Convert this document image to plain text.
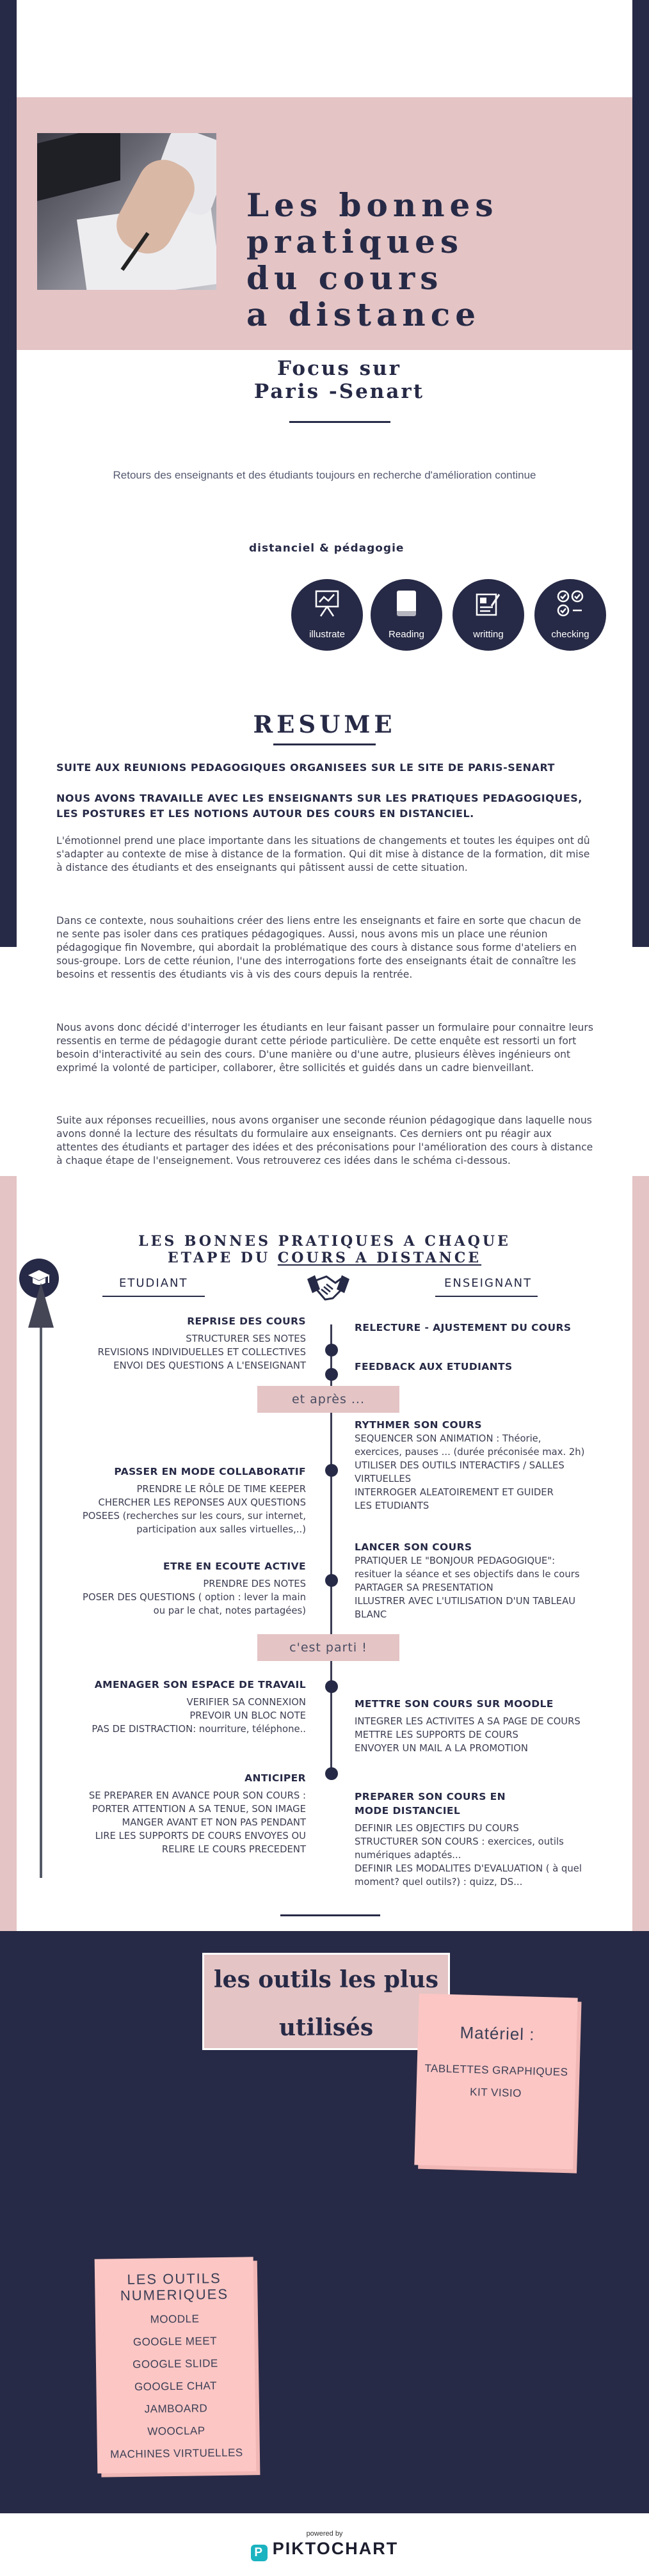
Les bonnes
pratiques
du cours
a distance
Focus sur
Paris -Senart

Retours des enseignants et des étudiants toujours en recherche d'amélioration continue

distanciel & pédagogie
illustrate	Reading	writting	checking
RESUME

SUITE AUX REUNIONS PEDAGOGIQUES ORGANISEES SUR LE SITE DE PARIS-SENART

NOUS AVONS TRAVAILLE AVEC LES ENSEIGNANTS SUR LES PRATIQUES PEDAGOGIQUES, LES POSTURES ET LES NOTIONS AUTOUR DES COURS EN DISTANCIEL.

L'émotionnel prend une place importante dans les situations de changements et toutes les équipes ont dû s'adapter au contexte de mise à distance de la formation. Qui dit mise à distance de la formation, dit mise à distance des étudiants et des enseignants qui pâtissent aussi de cette situation.

Dans ce contexte, nous souhaitions créer des liens entre les enseignants et faire en sorte que chacun de ne sente pas isoler dans ces pratiques pédagogiques. Aussi, nous avons mis un place une réunion pédagogique fin Novembre, qui abordait la problématique des cours à distance sous forme d'ateliers en sous-groupe. Lors de cette réunion, l'une des interrogations forte des enseignants était de connaître les besoins et ressentis des étudiants vis à vis des cours depuis la rentrée.

Nous avons donc décidé d'interroger les étudiants en leur faisant passer un formulaire pour connaitre leurs ressentis en terme de pédagogie durant cette période particulière. De cette enquête est ressorti un fort besoin d'interactivité au sein des cours. D'une manière ou d'une autre, plusieurs élèves ingénieurs ont exprimé la volonté de participer, collaborer, être sollicités et guidés dans un cadre bienveillant.

Suite aux réponses recueillies, nous avons organiser une seconde réunion pédagogique dans laquelle nous avons donné la lecture des résultats du formulaire aux enseignants. Ces derniers ont pu réagir aux attentes des étudiants et partager des idées et des préconisations pour l'amélioration des cours à distance à chaque étape de l'enseignement. Vous retrouverez ces idées dans le schéma ci-dessous.

LES BONNES PRATIQUES A CHAQUE
ETAPE DU COURS A DISTANCE
ETUDIANT	ENSEIGNANT
et après ...
c'est parti !
REPRISE DES COURS
STRUCTURER SES NOTES
REVISIONS INDIVIDUELLES ET COLLECTIVES
ENVOI DES QUESTIONS A L'ENSEIGNANT
PASSER EN MODE COLLABORATIF
PRENDRE LE RÔLE DE TIME KEEPER
CHERCHER LES REPONSES AUX QUESTIONS
POSEES (recherches sur les cours, sur internet,
participation aux salles virtuelles,..)
ETRE EN ECOUTE ACTIVE
PRENDRE DES NOTES
POSER DES QUESTIONS ( option : lever la main
ou par le chat, notes partagées)
AMENAGER SON ESPACE DE TRAVAIL
VERIFIER SA CONNEXION
PREVOIR UN BLOC NOTE
PAS DE DISTRACTION: nourriture, téléphone..
ANTICIPER
SE PREPARER EN AVANCE POUR SON COURS :
PORTER ATTENTION A SA TENUE, SON IMAGE
MANGER AVANT ET NON PAS PENDANT
LIRE LES SUPPORTS DE COURS ENVOYES OU
RELIRE LE COURS PRECEDENT
RELECTURE - AJUSTEMENT DU COURS
FEEDBACK AUX ETUDIANTS
RYTHMER SON COURS
SEQUENCER SON ANIMATION : Théorie,
exercices, pauses ... (durée préconisée max. 2h)
UTILISER DES OUTILS INTERACTIFS / SALLES
VIRTUELLES
INTERROGER ALEATOIREMENT ET GUIDER
LES ETUDIANTS
LANCER SON COURS
PRATIQUER LE "BONJOUR PEDAGOGIQUE":
resituer la séance et ses objectifs dans le cours
PARTAGER SA PRESENTATION
ILLUSTRER AVEC L'UTILISATION D'UN TABLEAU
BLANC
METTRE SON COURS SUR MOODLE
INTEGRER LES ACTIVITES A SA PAGE DE COURS
METTRE LES SUPPORTS DE COURS
ENVOYER UN MAIL A LA PROMOTION
PREPARER SON COURS EN
MODE DISTANCIEL
DEFINIR LES OBJECTIFS DU COURS
STRUCTURER SON COURS : exercices, outils
numériques adaptés...
DEFINIR LES MODALITES D'EVALUATION ( à quel
moment? quel outils?) : quizz, DS...
les outils les plus
utilisés	Matériel :
TABLETTES GRAPHIQUES
KIT VISIO
LES OUTILS
NUMERIQUES
MOODLE
GOOGLE MEET
GOOGLE SLIDE
GOOGLE CHAT
JAMBOARD
WOOCLAP
MACHINES VIRTUELLES
powered by
P PIKTOCHART
